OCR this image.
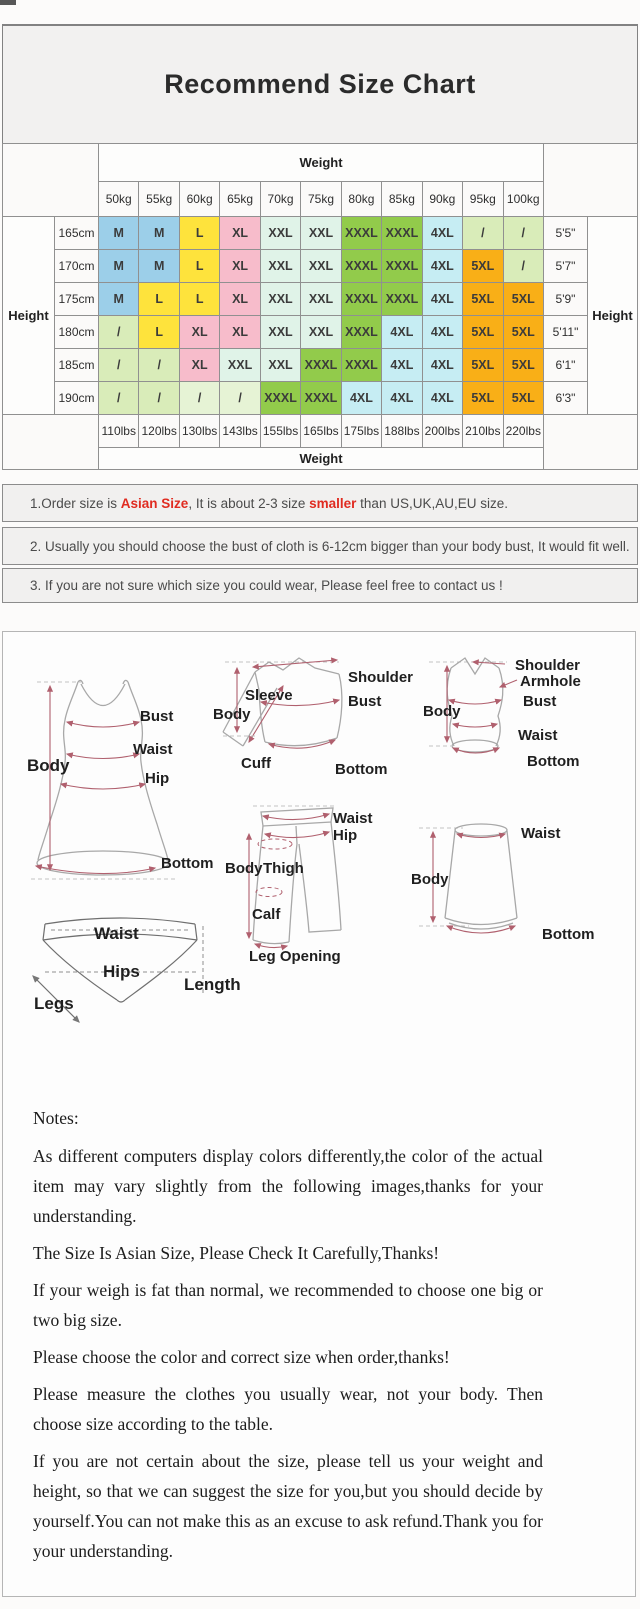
Recommend Size Chart
		Weight												
		50kg	55kg	60kg	65kg	70kg	75kg	80kg	85kg	90kg	95kg	100kg		
Height	165cm	M	M	L	XL	XXL	XXL	XXXL	XXXL	4XL	/	/	5'5"	Height
	170cm	M	M	L	XL	XXL	XXL	XXXL	XXXL	4XL	5XL	/	5'7"	
	175cm	M	L	L	XL	XXL	XXL	XXXL	XXXL	4XL	5XL	5XL	5'9"	
	180cm	/	L	XL	XL	XXL	XXL	XXXL	4XL	4XL	5XL	5XL	5'11"	
	185cm	/	/	XL	XXL	XXL	XXXL	XXXL	4XL	4XL	5XL	5XL	6'1"	
	190cm	/	/	/	/	XXXL	XXXL	4XL	4XL	4XL	5XL	5XL	6'3"	
		110lbs	120lbs	130lbs	143lbs	155lbs	165lbs	175lbs	188lbs	200lbs	210lbs	220lbs		
		Weight												

1.Order size is Asian Size, It is about 2-3 size smaller than US,UK,AU,EU size.

2. Usually you should choose the bust of cloth is 6-12cm bigger than your body bust, It would fit well.

3. If you are not sure which size you could wear, Please feel free to contact us !

Bust
Waist
Hip
Body
Bottom
Sleeve
Body
Shoulder
Bust
Cuff	Bottom
Shoulder
Armhole
Body
Bust
Waist
Bottom
Waist
Hip
Body Thigh
Calf
Leg Opening
Waist
Body
Bottom
Waist
Hips
Legs
Length
Notes:

As different computers display colors differently,the color of the actual item may vary slightly from the following images,thanks for your understanding.

The Size Is Asian Size, Please Check It Carefully,Thanks!

If your weigh is fat than normal, we recommended to choose one big or two big size.

Please choose the color and correct size when order,thanks!

Please measure the clothes you usually wear, not your body. Then choose size according to the table.

If you are not certain about the size, please tell us your weight and height, so that we can suggest the size for you,but you should decide by yourself.You can not make this as an excuse to ask refund.Thank you for your understanding.
